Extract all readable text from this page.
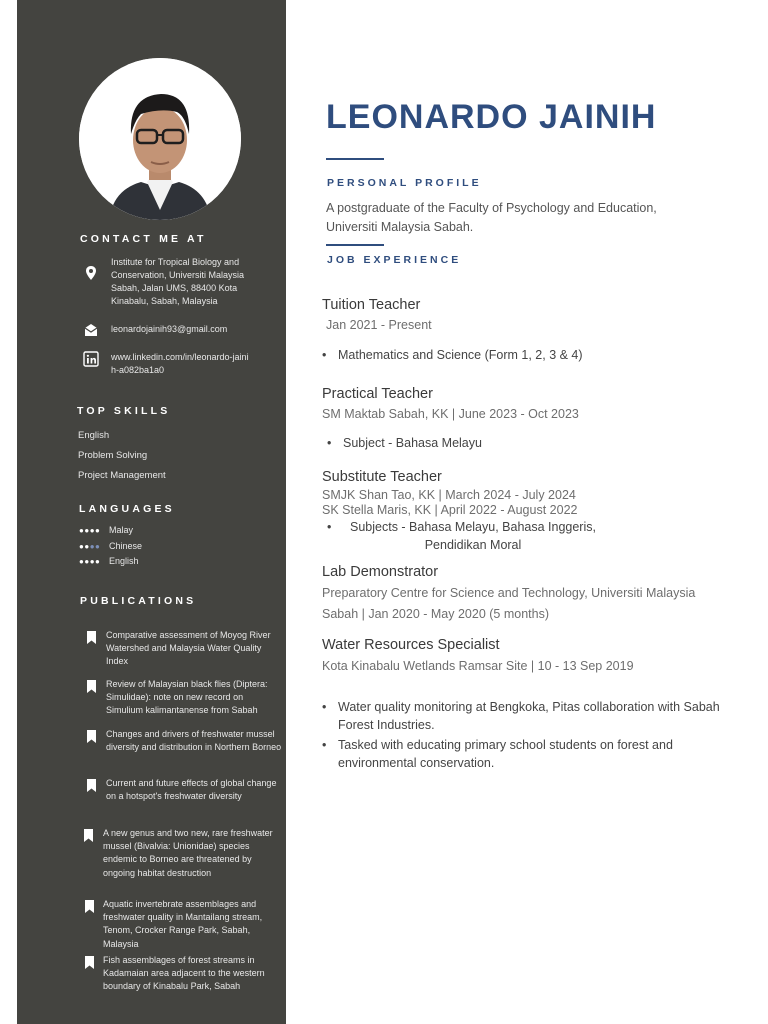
CONTACT ME AT
Institute for Tropical Biology and Conservation, Universiti Malaysia Sabah, Jalan UMS, 88400 Kota Kinabalu, Sabah, Malaysia
leonardojainih93@gmail.com
www.linkedin.com/in/leonardo-jainih-a082ba1a0
TOP SKILLS
English
Problem Solving
Project Management
LANGUAGES
●●●● Malay
●●●● Chinese
●●●● English
PUBLICATIONS
Comparative assessment of Moyog River Watershed and Malaysia Water Quality Index
Review of Malaysian black flies (Diptera: Simulidae): note on new record on Simulium kalimantanense from Sabah
Changes and drivers of freshwater mussel diversity and distribution in Northern Borneo
Current and future effects of global change on a hotspot's freshwater diversity
A new genus and two new, rare freshwater mussel (Bivalvia: Unionidae) species endemic to Borneo are threatened by ongoing habitat destruction
Aquatic invertebrate assemblages and freshwater quality in Mantailang stream, Tenom, Crocker Range Park, Sabah, Malaysia
Fish assemblages of forest streams in Kadamaian area adjacent to the western boundary of Kinabalu Park, Sabah
LEONARDO JAINIH
PERSONAL PROFILE
A postgraduate of the Faculty of Psychology and Education, Universiti Malaysia Sabah.
JOB EXPERIENCE
Tuition Teacher
Jan 2021 - Present
• Mathematics and Science (Form 1, 2, 3 & 4)
Practical Teacher
SM Maktab Sabah, KK | June 2023 - Oct 2023
• Subject - Bahasa Melayu
Substitute Teacher
SMJK Shan Tao, KK | March 2024 - July 2024
SK Stella Maris, KK | April 2022 - August 2022
•	Subjects - Bahasa Melayu, Bahasa Inggeris, Pendidikan Moral
Lab Demonstrator
Preparatory Centre for Science and Technology, Universiti Malaysia Sabah | Jan 2020 - May 2020 (5 months)
Water Resources Specialist
Kota Kinabalu Wetlands Ramsar Site | 10 - 13 Sep 2019
• Water quality monitoring at Bengkoka, Pitas collaboration with Sabah Forest Industries.
• Tasked with educating primary school students on forest and environmental conservation.
